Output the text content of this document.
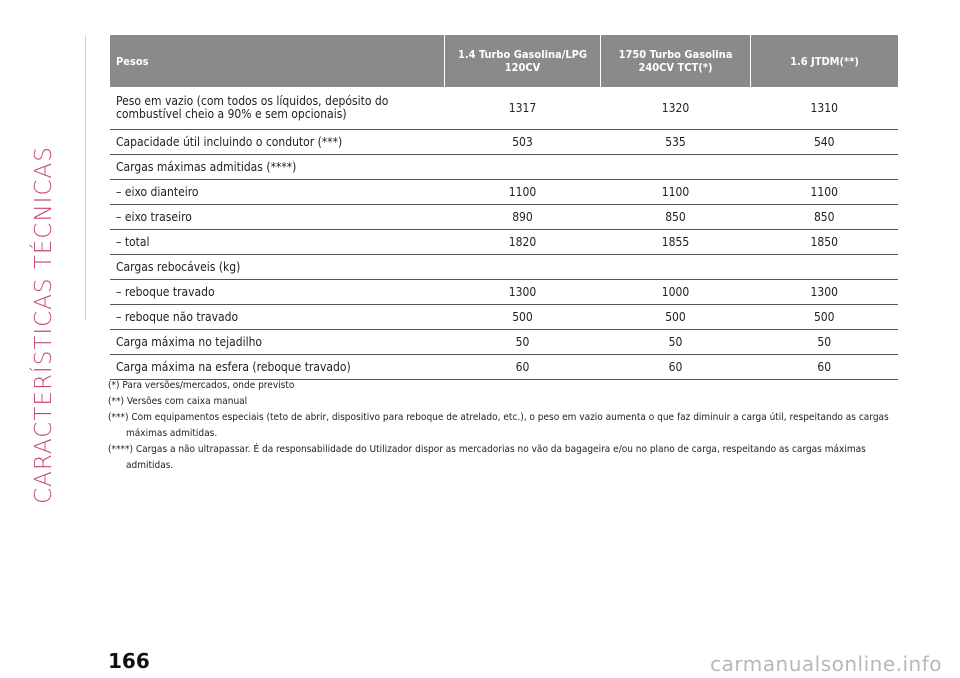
CARACTERÍSTICAS TÉCNICAS
Pesos	1.4 Turbo Gasolina/LPG 120CV	1750 Turbo Gasolina 240CV TCT(*)	1.6 JTDM(**)
Peso em vazio (com todos os líquidos, depósito do combustível cheio a 90% e sem opcionais)	1317	1320	1310
Capacidade útil incluindo o condutor (***)	503	535	540
Cargas máximas admitidas (****)			
– eixo dianteiro	1100	1100	1100
– eixo traseiro	890	850	850
– total	1820	1855	1850
Cargas rebocáveis (kg)			
– reboque travado	1300	1000	1300
– reboque não travado	500	500	500
Carga máxima no tejadilho	50	50	50
Carga máxima na esfera (reboque travado)	60	60	60
(*) Para versões/mercados, onde previsto
(**) Versões com caixa manual
(***) Com equipamentos especiais (teto de abrir, dispositivo para reboque de atrelado, etc.), o peso em vazio aumenta o que faz diminuir a carga útil, respeitando as cargas máximas admitidas.
(****) Cargas a não ultrapassar. É da responsabilidade do Utilizador dispor as mercadorias no vão da bagageira e/ou no plano de carga, respeitando as cargas máximas admitidas.
166	carmanualsonline.info
